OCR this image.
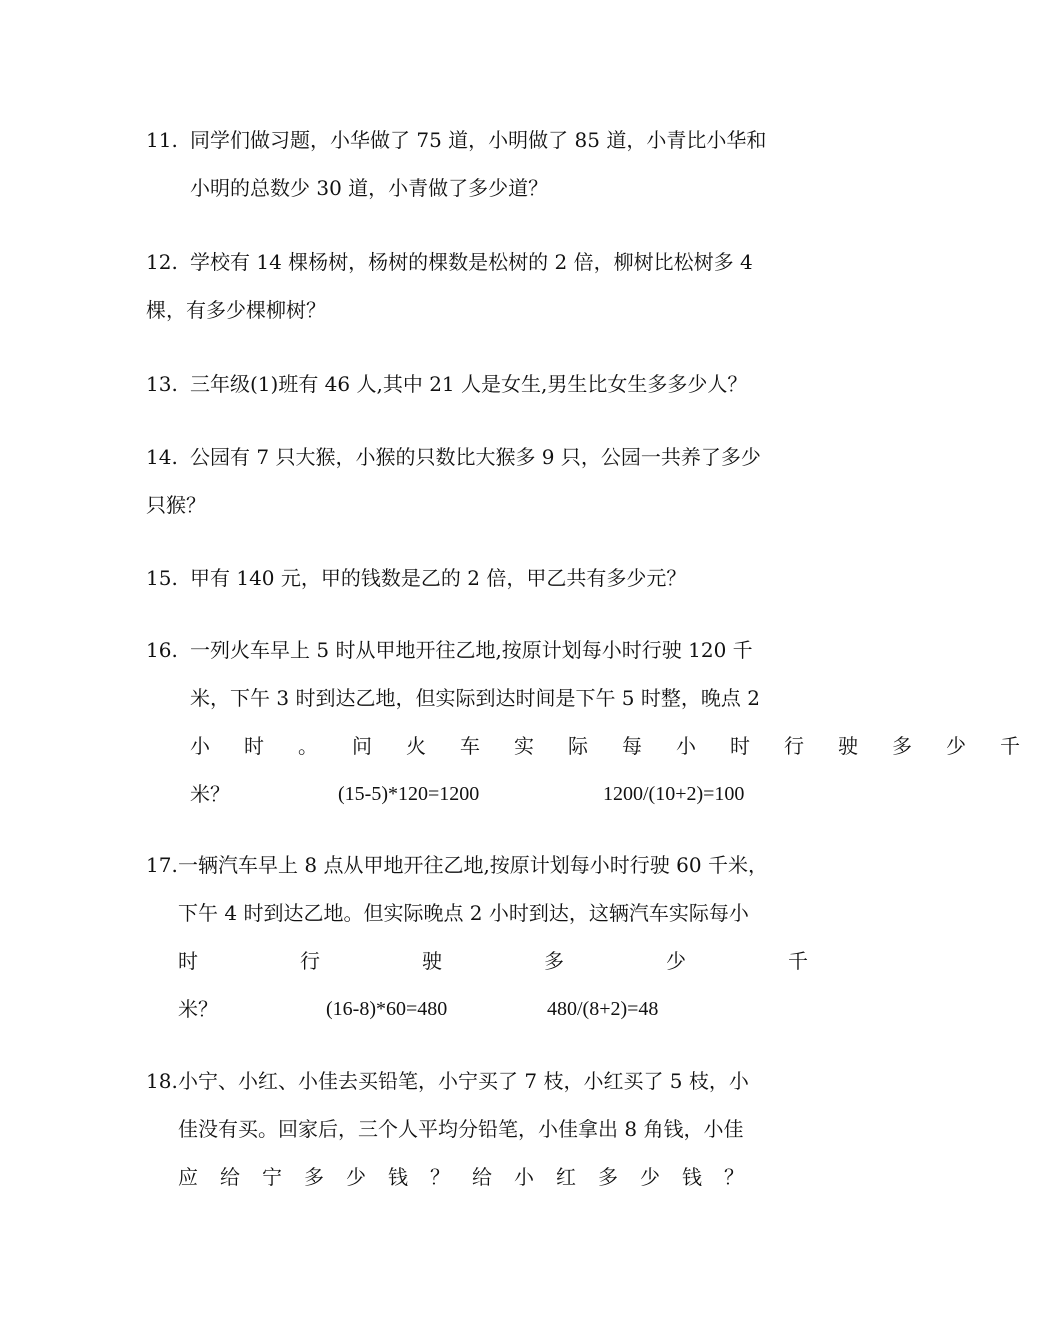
11. 同学们做习题，小华做了 75 道，小明做了 85 道，小青比小华和
小明的总数少 30 道，小青做了多少道？
12. 学校有 14 棵杨树，杨树的棵数是松树的 2 倍，柳树比松树多 4
棵，有多少棵柳树？
13. 三年级(1)班有 46 人,其中 21 人是女生,男生比女生多多少人？
14. 公园有 7 只大猴，小猴的只数比大猴多 9 只，公园一共养了多少
只猴？
15. 甲有 140 元，甲的钱数是乙的 2 倍，甲乙共有多少元？
16. 一列火车早上 5 时从甲地开往乙地,按原计划每小时行驶 120 千
米，下午 3 时到达乙地，但实际到达时间是下午 5 时整，晚点 2
小时。问火车实际每小时行驶多少千
米？	(15-5)*120=1200	1200/(10+2)=100
17. 一辆汽车早上 8 点从甲地开往乙地,按原计划每小时行驶 60 千米，
下午 4 时到达乙地。但实际晚点 2 小时到达，这辆汽车实际每小
时行驶多少千
米？	(16-8)*60=480	480/(8+2)=48
18. 小宁、小红、小佳去买铅笔，小宁买了 7 枝，小红买了 5 枝，小
佳没有买。回家后，三个人平均分铅笔，小佳拿出 8 角钱，小佳
应给宁多少钱？给小红多少钱？
